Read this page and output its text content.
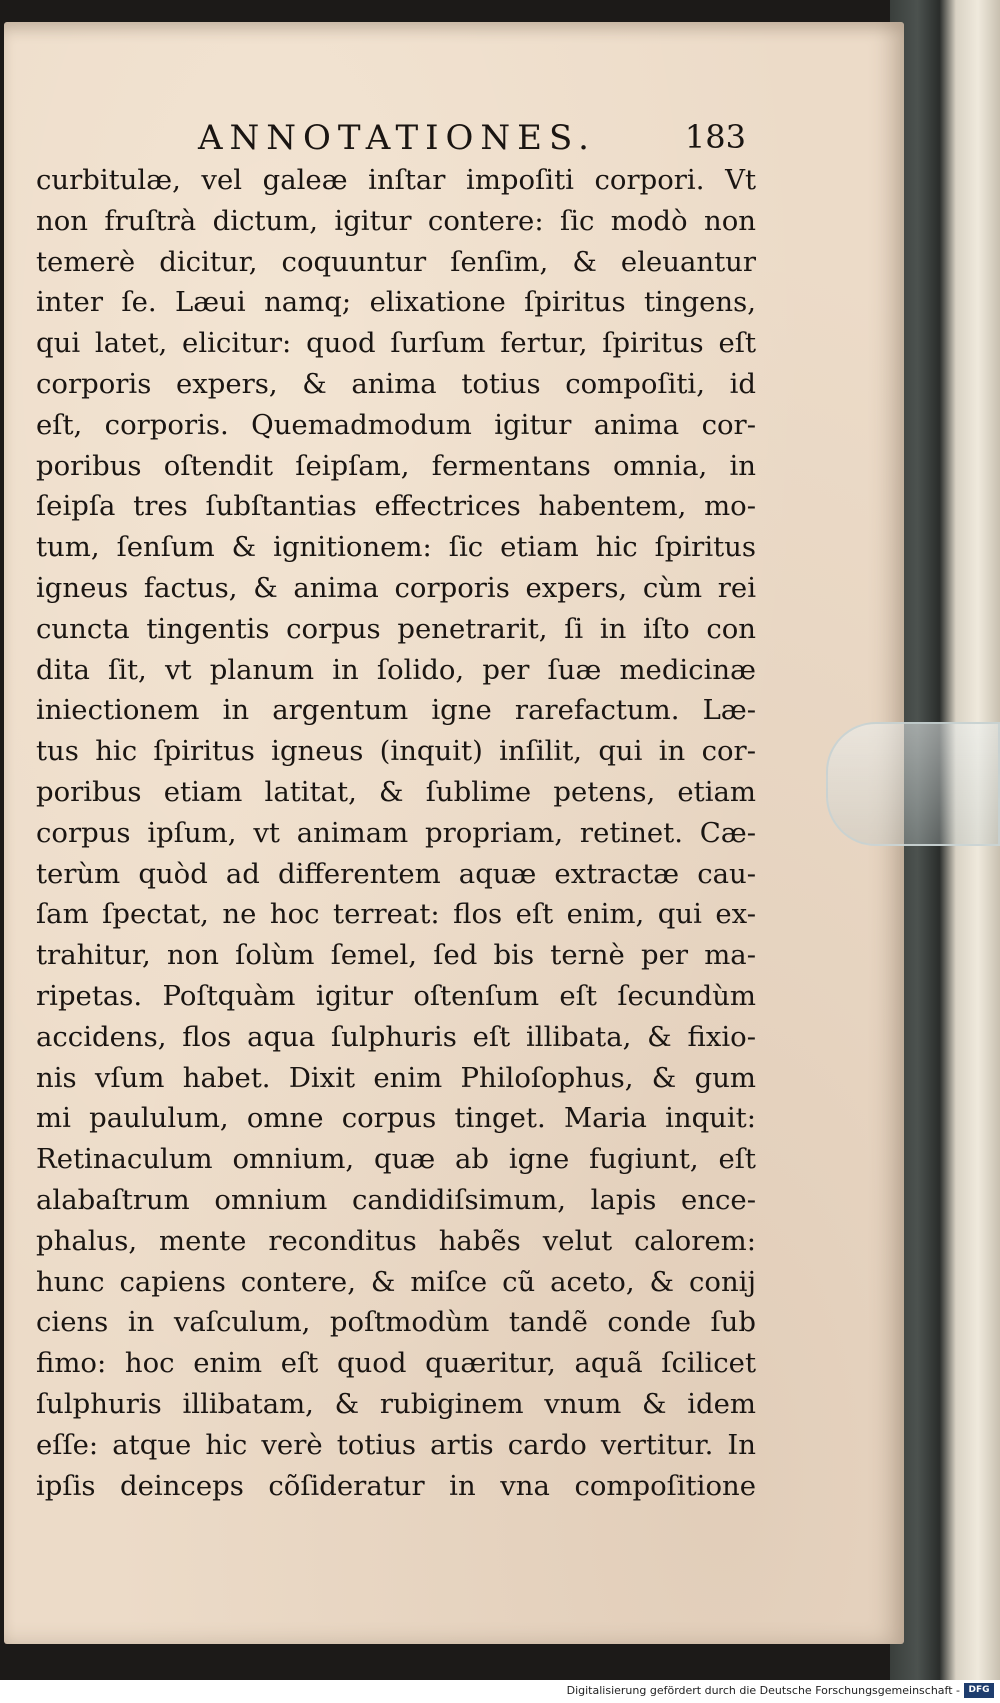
ANNOTATIONES.	183
curbitulæ, vel galeæ inſtar impoſiti corpori. Vt
non fruſtrà dictum, igitur contere: ſic modò non
temerè dicitur, coquuntur ſenſim, & eleuantur
inter ſe. Læui namq; elixatione ſpiritus tingens,
qui latet, elicitur: quod ſurſum fertur, ſpiritus eſt
corporis expers, & anima totius compoſiti, id
eſt, corporis. Quemadmodum igitur anima cor-
poribus oſtendit ſeipſam, fermentans omnia, in
ſeipſa tres ſubſtantias effectrices habentem, mo-
tum, ſenſum & ignitionem: ſic etiam hic ſpiritus
igneus factus, & anima corporis expers, cùm rei
cuncta tingentis corpus penetrarit, ſi in iſto con
dita ſit, vt planum in ſolido, per ſuæ medicinæ
iniectionem in argentum igne rarefactum. Læ-
tus hic ſpiritus igneus (inquit) inſilit, qui in cor-
poribus etiam latitat, & ſublime petens, etiam
corpus ipſum, vt animam propriam, retinet. Cæ-
terùm quòd ad differentem aquæ extractæ cau-
ſam ſpectat, ne hoc terreat: flos eſt enim, qui ex-
trahitur, non ſolùm ſemel, ſed bis ternè per ma-
ripetas. Poſtquàm igitur oſtenſum eſt ſecundùm
accidens, flos aqua ſulphuris eſt illibata, & fixio-
nis vſum habet. Dixit enim Philoſophus, & gum
mi paululum, omne corpus tinget. Maria inquit:
Retinaculum omnium, quæ ab igne fugiunt, eſt
alabaſtrum omnium candidiſsimum, lapis ence-
phalus, mente reconditus habẽs velut calorem:
hunc capiens contere, & miſce cũ aceto, & conij
ciens in vaſculum, poſtmodùm tandẽ conde ſub
fimo: hoc enim eſt quod quæritur, aquã ſcilicet
ſulphuris illibatam, & rubiginem vnum & idem
eſſe: atque hic verè totius artis cardo vertitur. In
ipſis deinceps cõſideratur in vna compoſitione
Digitalisierung gefördert durch die Deutsche Forschungsgemeinschaft - DFG
